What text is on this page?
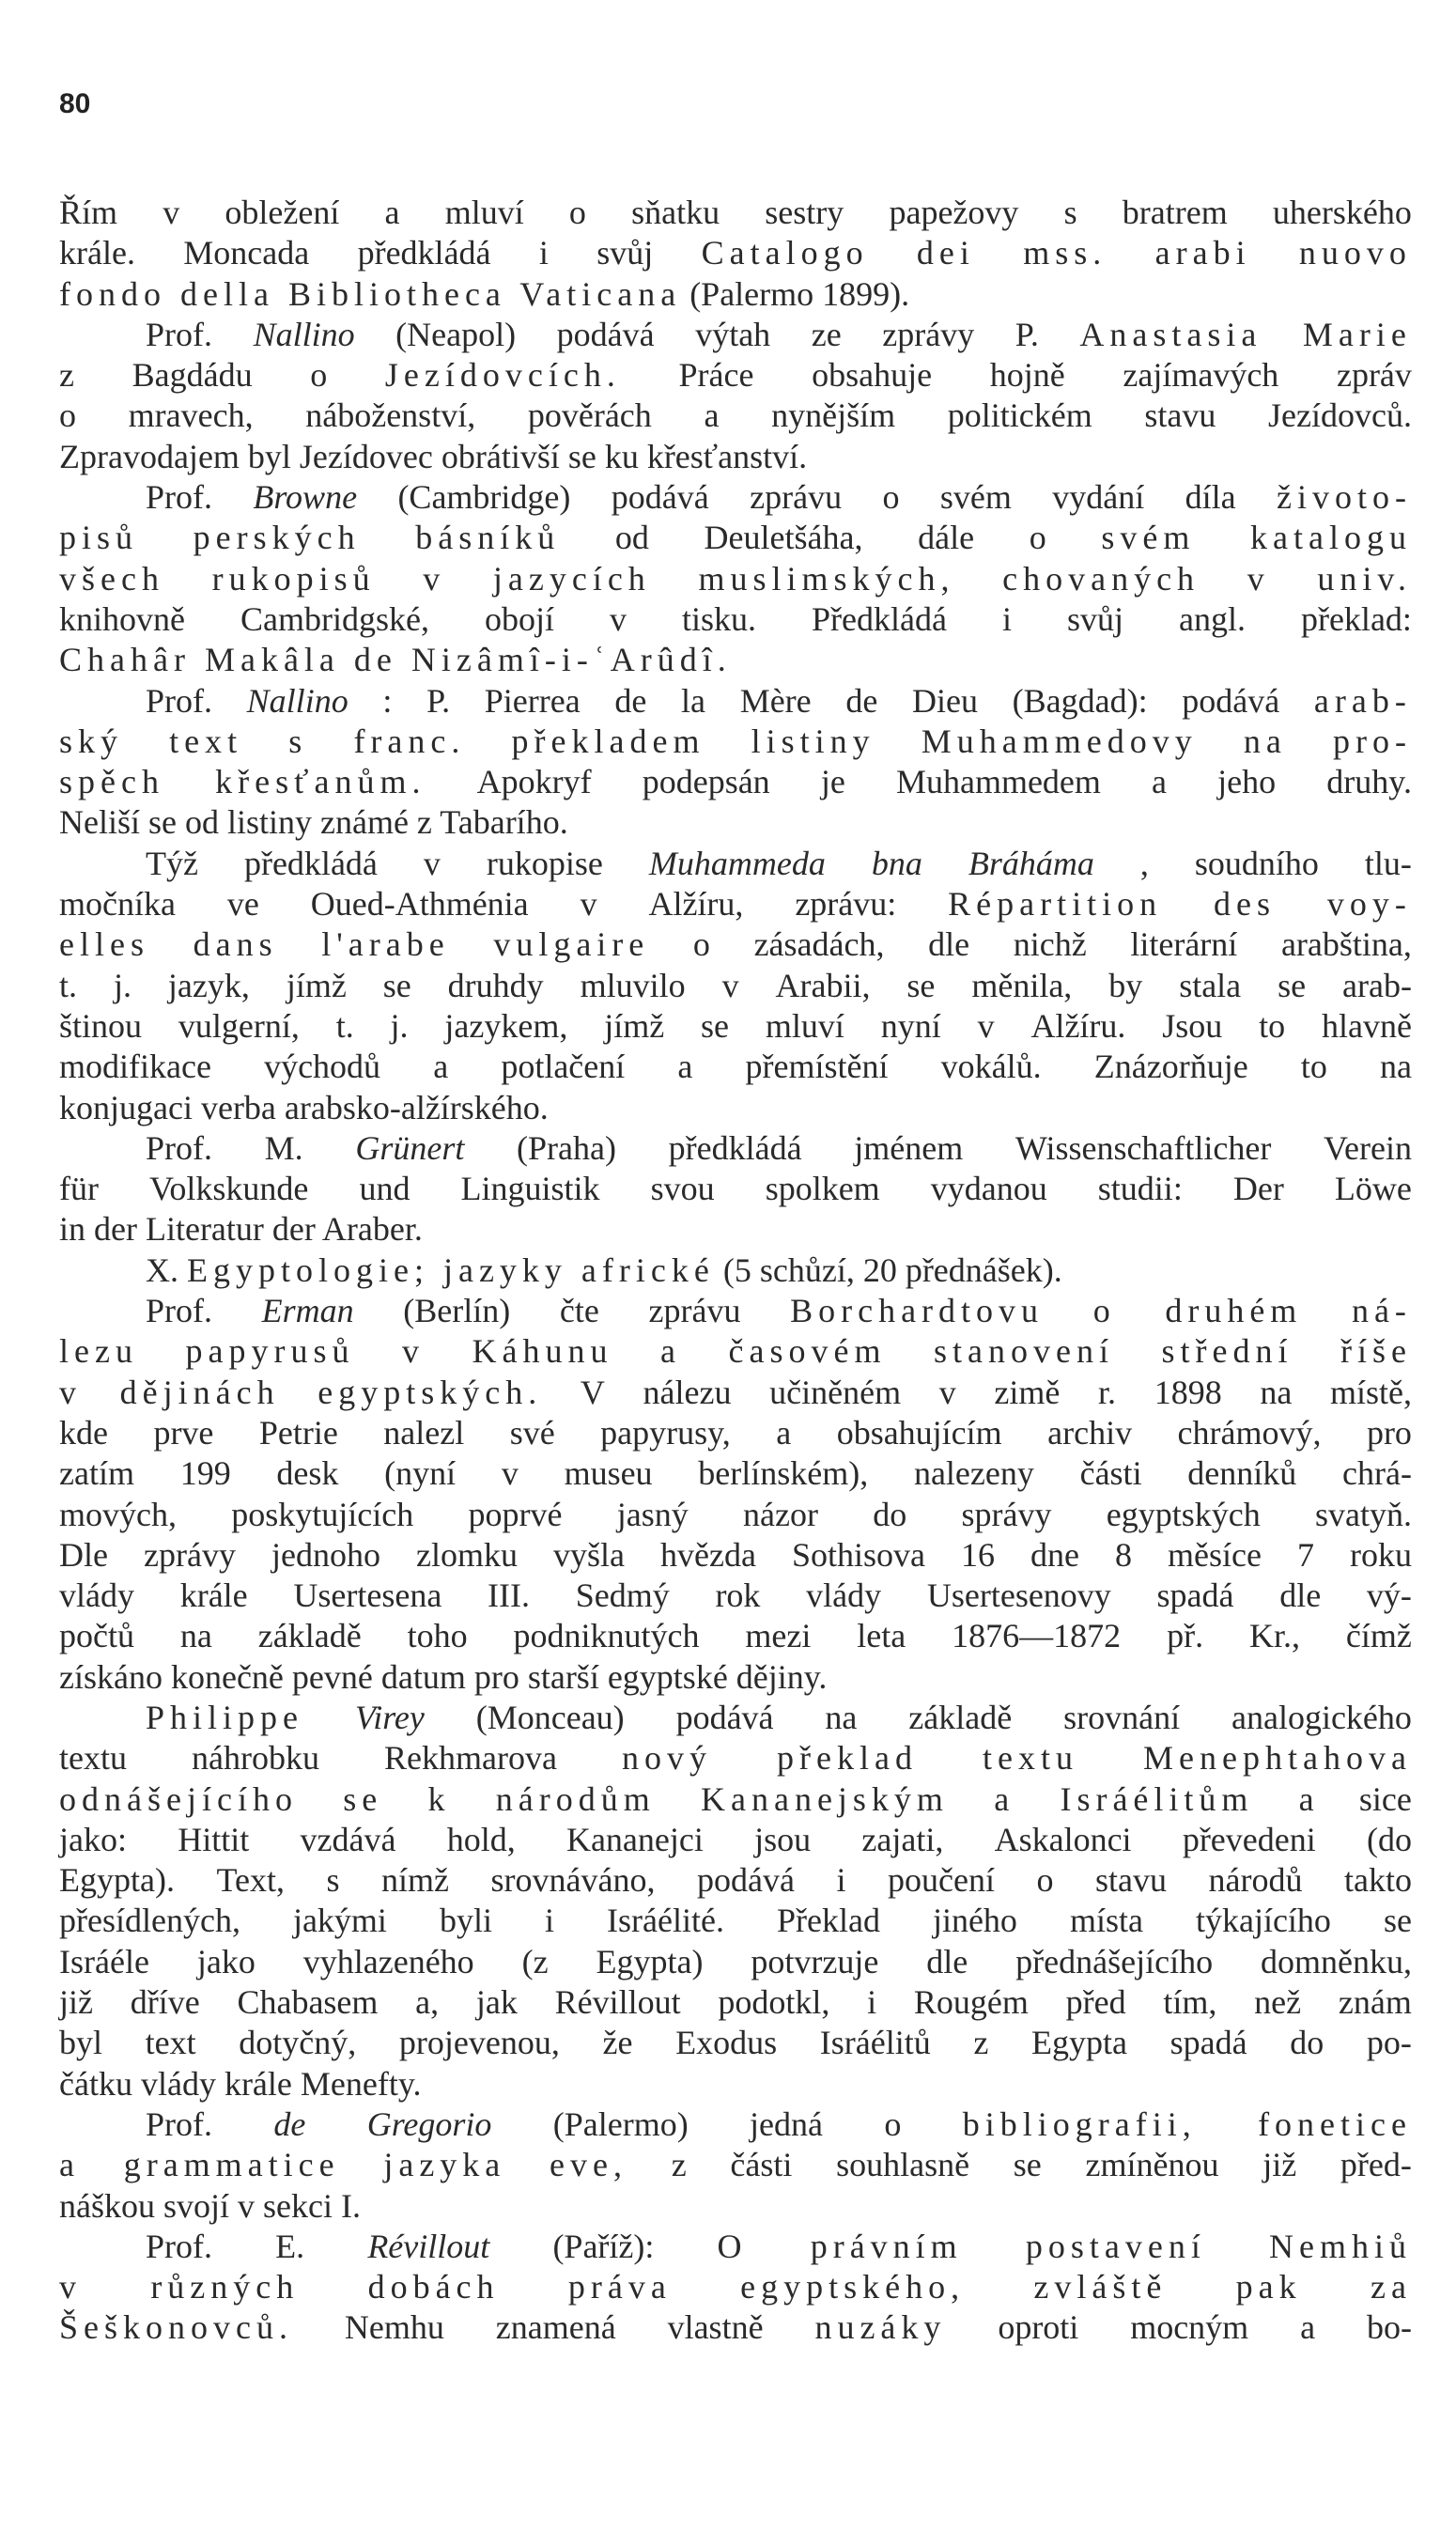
80
Řím v obležení a mluví o sňatku sestry papežovy s bratrem uherského
krále. Moncada předkládá i svůj Catalogo dei mss. arabi nuovo
fondo della Bibliotheca Vaticana (Palermo 1899).
Prof. Nallino (Neapol) podává výtah ze zprávy P. Anastasia Marie
z Bagdádu o Jezídovcích. Práce obsahuje hojně zajímavých zpráv
o mravech, náboženství, pověrách a nynějším politickém stavu Jezídovců.
Zpravodajem byl Jezídovec obrátivší se ku křesťanství.
Prof. Browne (Cambridge) podává zprávu o svém vydání díla životo-
pisů perských básníků od Deuletšáha, dále o svém katalogu
všech rukopisů v jazycích muslimských, chovaných v univ.
knihovně Cambridgské, obojí v tisku. Předkládá i svůj angl. překlad:
Chahâr Makâla de Nizâmî-i-ʿArûdî.
Prof. Nallino : P. Pierrea de la Mère de Dieu (Bagdad): podává arab-
ský text s franc. překladem listiny Muhammedovy na pro-
spěch křesťanům. Apokryf podepsán je Muhammedem a jeho druhy.
Neliší se od listiny známé z Tabarího.
Týž předkládá v rukopise Muhammeda bna Bráháma , soudního tlu-
močníka ve Oued-Athménia v Alžíru, zprávu: Répartition des voy-
elles dans l'arabe vulgaire o zásadách, dle nichž literární arabština,
t. j. jazyk, jímž se druhdy mluvilo v Arabii, se měnila, by stala se arab-
štinou vulgerní, t. j. jazykem, jímž se mluví nyní v Alžíru. Jsou to hlavně
modifikace východů a potlačení a přemístění vokálů. Znázorňuje to na
konjugaci verba arabsko-alžírského.
Prof. M. Grünert (Praha) předkládá jménem Wissenschaftlicher Verein
für Volkskunde und Linguistik svou spolkem vydanou studii: Der Löwe
in der Literatur der Araber.
X. Egyptologie; jazyky africké (5 schůzí, 20 přednášek).
Prof. Erman (Berlín) čte zprávu Borchardtovu o druhém ná-
lezu papyrusů v Káhunu a časovém stanovení střední říše
v dějinách egyptských. V nálezu učiněném v zimě r. 1898 na místě,
kde prve Petrie nalezl své papyrusy, a obsahujícím archiv chrámový, pro
zatím 199 desk (nyní v museu berlínském), nalezeny části denníků chrá-
mových, poskytujících poprvé jasný názor do správy egyptských svatyň.
Dle zprávy jednoho zlomku vyšla hvězda Sothisova 16 dne 8 měsíce 7 roku
vlády krále Usertesena III. Sedmý rok vlády Usertesenovy spadá dle vý-
počtů na základě toho podniknutých mezi leta 1876—1872 př. Kr., čímž
získáno konečně pevné datum pro starší egyptské dějiny.
Philippe Virey (Monceau) podává na základě srovnání analogického
textu náhrobku Rekhmarova nový překlad textu Menephtahova
odnášejícího se k národům Kananejským a Isráélitům a sice
jako: Hittit vzdává hold, Kananejci jsou zajati, Askalonci převedeni (do
Egypta). Text, s nímž srovnáváno, podává i poučení o stavu národů takto
přesídlených, jakými byli i Isráélité. Překlad jiného místa týkajícího se
Isráéle jako vyhlazeného (z Egypta) potvrzuje dle přednášejícího domněnku,
již dříve Chabasem a, jak Révillout podotkl, i Rougém před tím, než znám
byl text dotyčný, projevenou, že Exodus Isráélitů z Egypta spadá do po-
čátku vlády krále Menefty.
Prof. de Gregorio (Palermo) jedná o bibliografii, fonetice
a grammatice jazyka eve, z části souhlasně se zmíněnou již před-
náškou svojí v sekci I.
Prof. E. Révillout (Paříž): O právním postavení Nemhiů
v různých dobách práva egyptského, zvláště pak za
Šeškonovců. Nemhu znamená vlastně nuzáky oproti mocným a bo-
